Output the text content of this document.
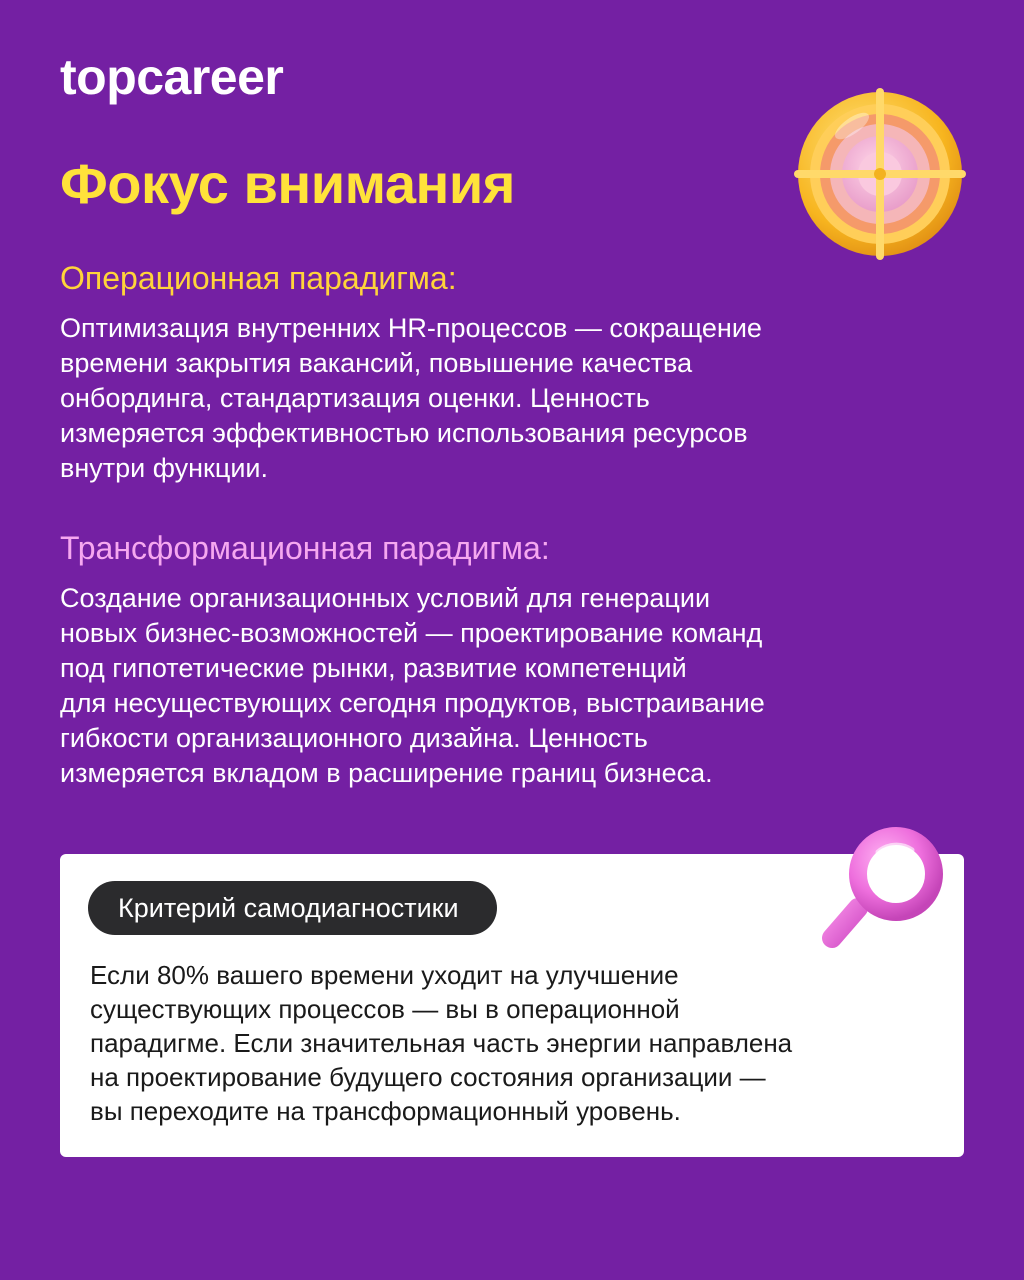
topcareer
Фокус внимания
Операционная парадигма:

Оптимизация внутренних HR-процессов — сокращение
времени закрытия вакансий, повышение качества
онбординга, стандартизация оценки. Ценность
измеряется эффективностью использования ресурсов
внутри функции.

Трансформационная парадигма:

Создание организационных условий для генерации
новых бизнес-возможностей — проектирование команд
под гипотетические рынки, развитие компетенций
для несуществующих сегодня продуктов, выстраивание
гибкости организационного дизайна. Ценность
измеряется вкладом в расширение границ бизнеса.

Критерий самодиагностики

Если 80% вашего времени уходит на улучшение
существующих процессов — вы в операционной
парадигме. Если значительная часть энергии направлена
на проектирование будущего состояния организации —
вы переходите на трансформационный уровень.
